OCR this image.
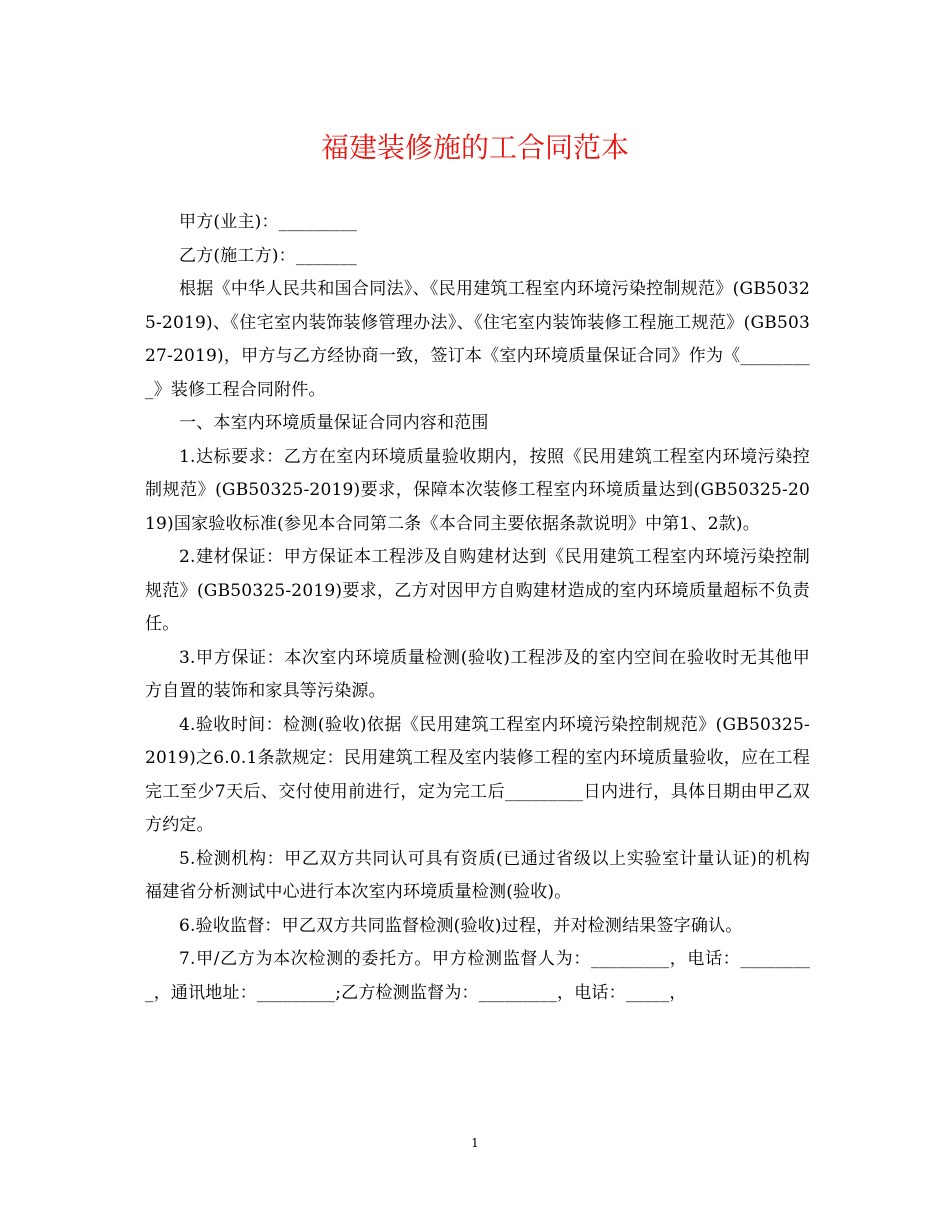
福建装修施的工合同范本

甲方(业主)：_________

乙方(施工方)：_______

根据《中华人民共和国合同法》、《民用建筑工程室内环境污染控制规范》(GB50325-2019)、《住宅室内装饰装修管理办法》、《住宅室内装饰装修工程施工规范》(GB50327-2019)，甲方与乙方经协商一致，签订本《室内环境质量保证合同》作为《_________》装修工程合同附件。

一、本室内环境质量保证合同内容和范围

1.达标要求：乙方在室内环境质量验收期内，按照《民用建筑工程室内环境污染控制规范》(GB50325-2019)要求，保障本次装修工程室内环境质量达到(GB50325-2019)国家验收标准(参见本合同第二条《本合同主要依据条款说明》中第1、2款)。

2.建材保证：甲方保证本工程涉及自购建材达到《民用建筑工程室内环境污染控制规范》(GB50325-2019)要求，乙方对因甲方自购建材造成的室内环境质量超标不负责任。

3.甲方保证：本次室内环境质量检测(验收)工程涉及的室内空间在验收时无其他甲方自置的装饰和家具等污染源。

4.验收时间：检测(验收)依据《民用建筑工程室内环境污染控制规范》(GB50325-2019)之6.0.1条款规定：民用建筑工程及室内装修工程的室内环境质量验收，应在工程完工至少7天后、交付使用前进行，定为完工后_________日内进行，具体日期由甲乙双方约定。

5.检测机构：甲乙双方共同认可具有资质(已通过省级以上实验室计量认证)的机构福建省分析测试中心进行本次室内环境质量检测(验收)。

6.验收监督：甲乙双方共同监督检测(验收)过程，并对检测结果签字确认。

7.甲/乙方为本次检测的委托方。甲方检测监督人为：_________，电话：_________，通讯地址：_________;乙方检测监督为：_________，电话：_____，

1
